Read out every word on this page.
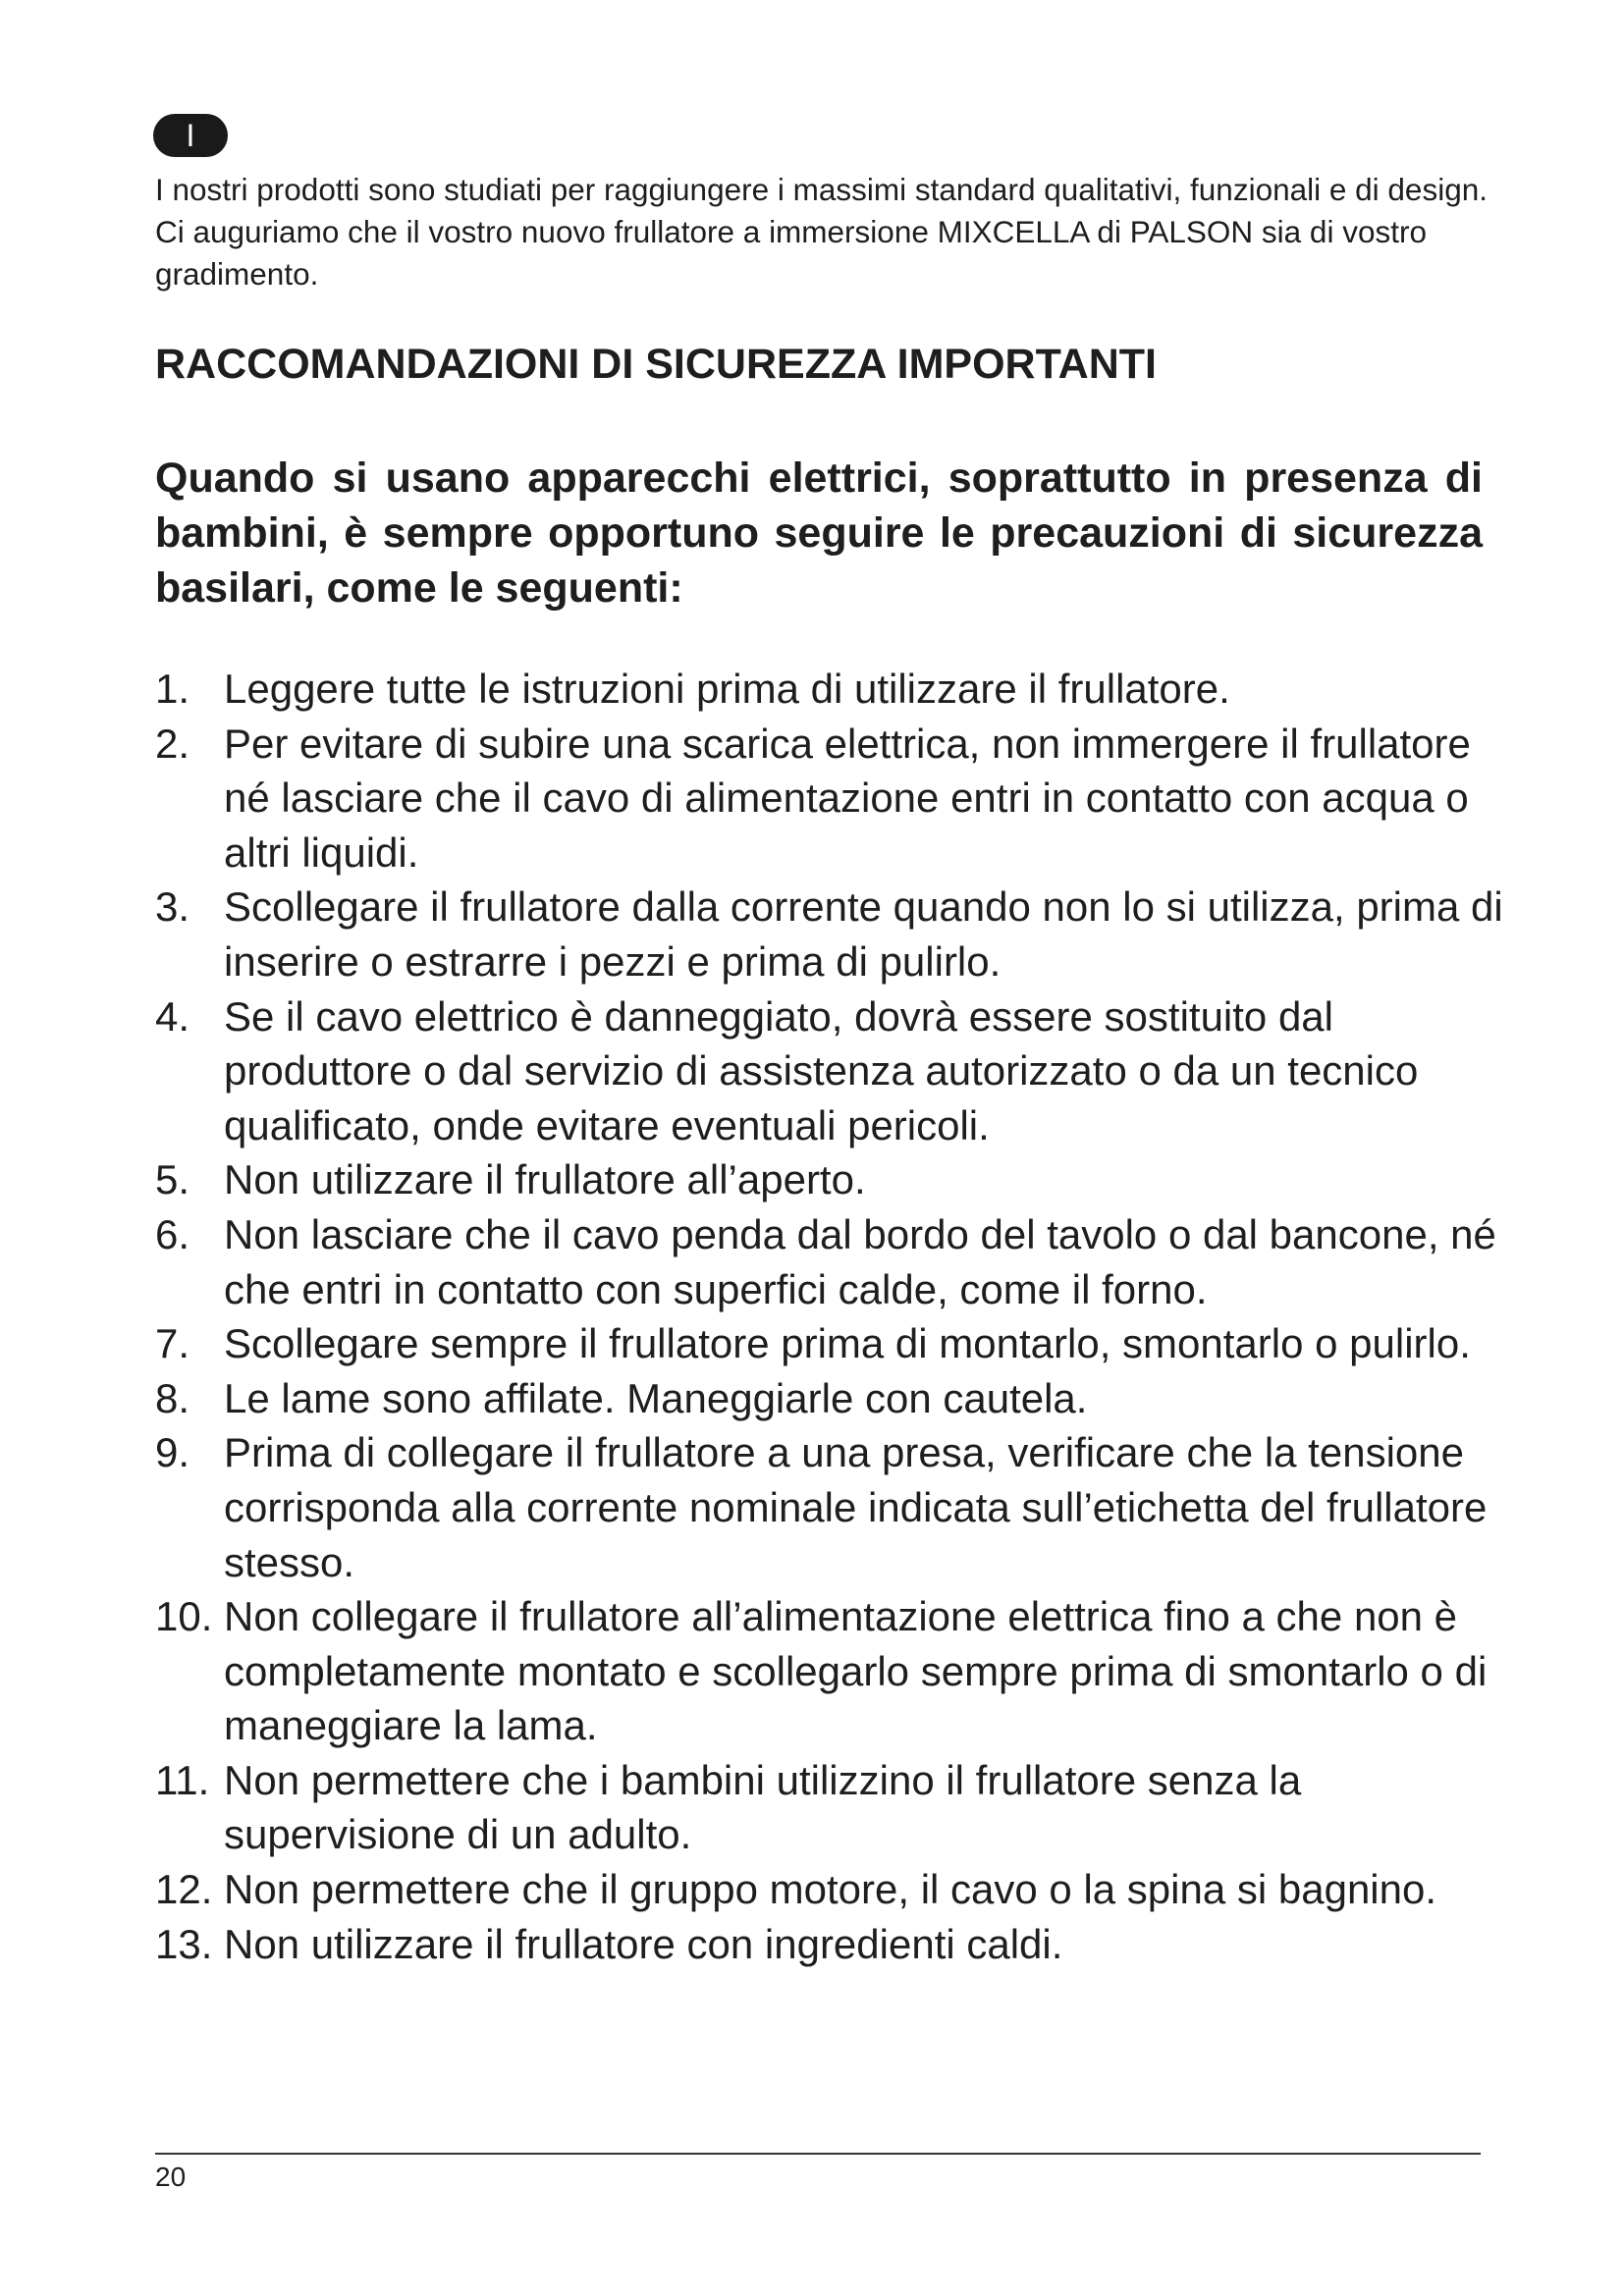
I

I nostri prodotti sono studiati per raggiungere i massimi standard qualitativi, funzionali e di design. Ci auguriamo che il vostro nuovo frullatore a immersione MIXCELLA di PALSON sia di vostro gradimento.

RACCOMANDAZIONI DI SICUREZZA IMPORTANTI

Quando si usano apparecchi elettrici, soprattutto in presenza di bambini, è sempre opportuno seguire le precauzioni di sicurezza basilari, come le seguenti:

1. Leggere tutte le istruzioni prima di utilizzare il frullatore.
2. Per evitare di subire una scarica elettrica, non immergere il frullatore né lasciare che il cavo di alimentazione entri in contatto con acqua o altri liquidi.
3. Scollegare il frullatore dalla corrente quando non lo si utilizza, prima di inserire o estrarre i pezzi e prima di pulirlo.
4. Se il cavo elettrico è danneggiato, dovrà essere sostituito dal produttore o dal servizio di assistenza autorizzato o da un tecnico qualificato, onde evitare eventuali pericoli.
5. Non utilizzare il frullatore all’aperto.
6. Non lasciare che il cavo penda dal bordo del tavolo o dal bancone, né che entri in contatto con superfici calde, come il forno.
7. Scollegare sempre il frullatore prima di montarlo, smontarlo o pulirlo.
8. Le lame sono affilate. Maneggiarle con cautela.
9. Prima di collegare il frullatore a una presa, verificare che la tensione corrisponda alla corrente nominale indicata sull’etichetta del frullatore stesso.
10. Non collegare il frullatore all’alimentazione elettrica fino a che non è completamente montato e scollegarlo sempre prima di smontarlo o di maneggiare la lama.
11. Non permettere che i bambini utilizzino il frullatore senza la supervisione di un adulto.
12. Non permettere che il gruppo motore, il cavo o la spina si bagnino.
13. Non utilizzare il frullatore con ingredienti caldi.
20
